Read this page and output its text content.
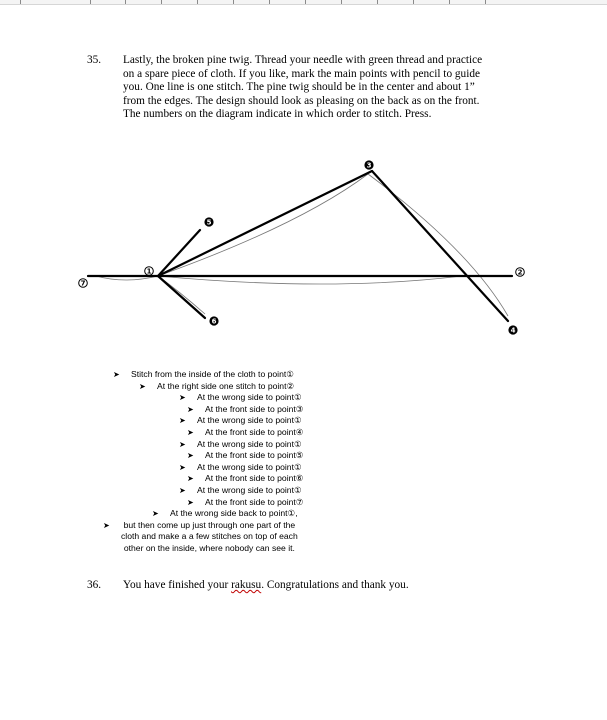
35. Lastly, the broken pine twig. Thread your needle with green thread and practice
on a spare piece of cloth. If you like, mark the main points with pencil to guide
you. One line is one stitch. The pine twig should be in the center and about 1”
from the edges. The design should look as pleasing on the back as on the front.
The numbers on the diagram indicate in which order to stitch. Press.
1	2
3
4
5
6
7
➤ Stitch from the inside of the cloth to point①
➤ At the right side one stitch to point②
➤ At the wrong side to point①
➤ At the front side to point③
➤ At the wrong side to point①
➤ At the front side to point④
➤ At the wrong side to point①
➤ At the front side to point⑤
➤ At the wrong side to point①
➤ At the front side to point⑥
➤ At the wrong side to point①
➤ At the front side to point⑦
➤ At the wrong side back to point①,
➤	but then come up just through one part of the
cloth and make a a few stitches on top of each
other on the inside, where nobody can see it.
36. You have finished your rakusu. Congratulations and thank you.
